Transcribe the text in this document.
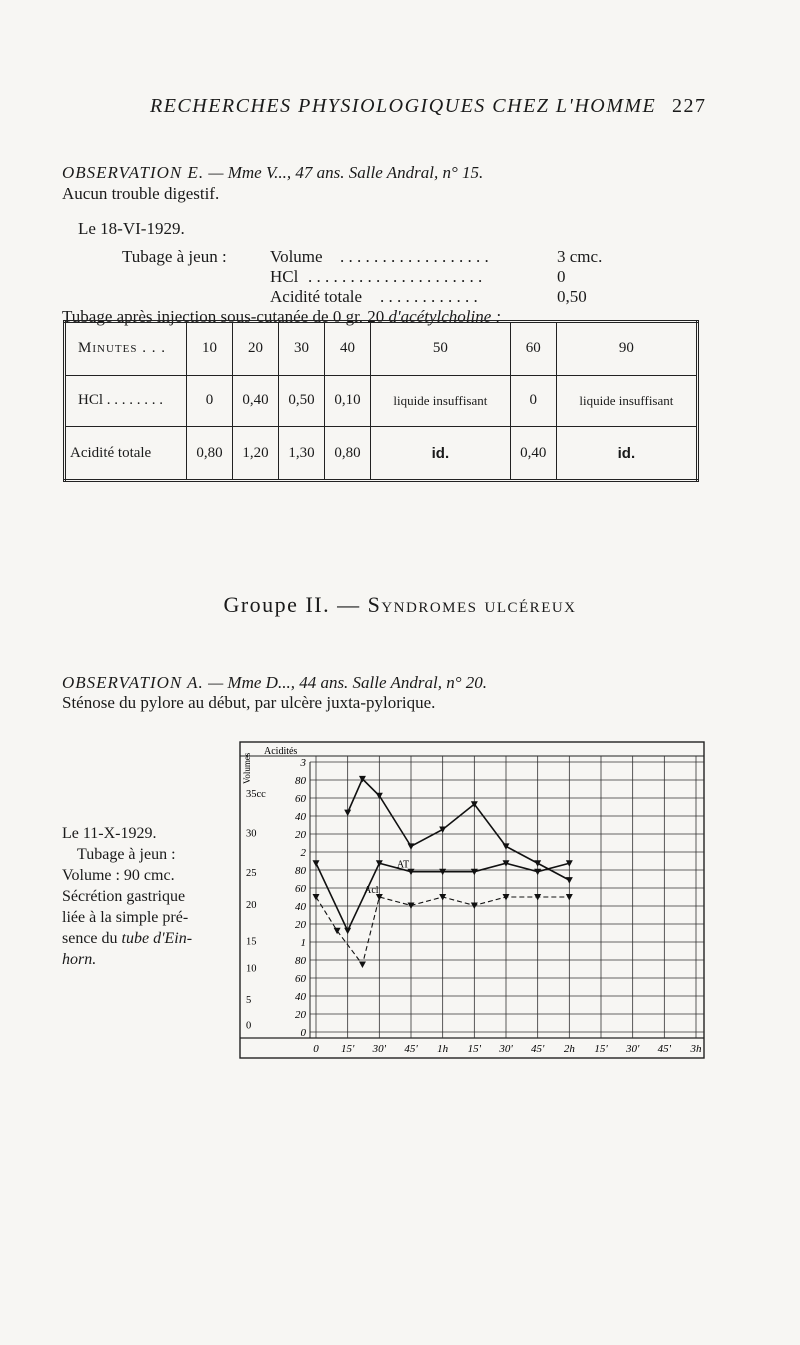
RECHERCHES PHYSIOLOGIQUES CHEZ L'HOMME 227
OBSERVATION E. — Mme V..., 47 ans. Salle Andral, n° 15.
Aucun trouble digestif.
Le 18-VI-1929.
Tubage à jeun :	Volume . . . . . . . . . . . . . . . . . .	3 cmc.
HCl . . . . . . . . . . . . . . . . . . . . .	0
Acidité totale . . . . . . . . . . . .	0,50
Tubage après injection sous-cutanée de 0 gr. 20 d'acétylcholine :
Minutes . . .	10	20	30	40	50	60	90
HCl . . . . . . . .	0	0,40	0,50	0,10	liquide insuffisant	0	liquide insuffisant
Acidité totale	0,80	1,20	1,30	0,80	id.	0,40	id.
Groupe II. — Syndromes ulcéreux
OBSERVATION A. — Mme D..., 44 ans. Salle Andral, n° 20.
Sténose du pylore au début, par ulcère juxta-pylorique.
Le 11-X-1929.
Tubage à jeun :
Volume : 90 cmc.
Sécrétion gastrique
liée à la simple pré-
sence du tube d'Ein-
horn.
3
80
60
40
20
2
80
60
40
20
1
80
60
40
20
0
35cc
30
25
20
15
10
5
0
0 15' 30' 45' 1h 15' 30' 45' 2h 15' 30' 45' 3h
AT
Acl
Volumes
Acidités
